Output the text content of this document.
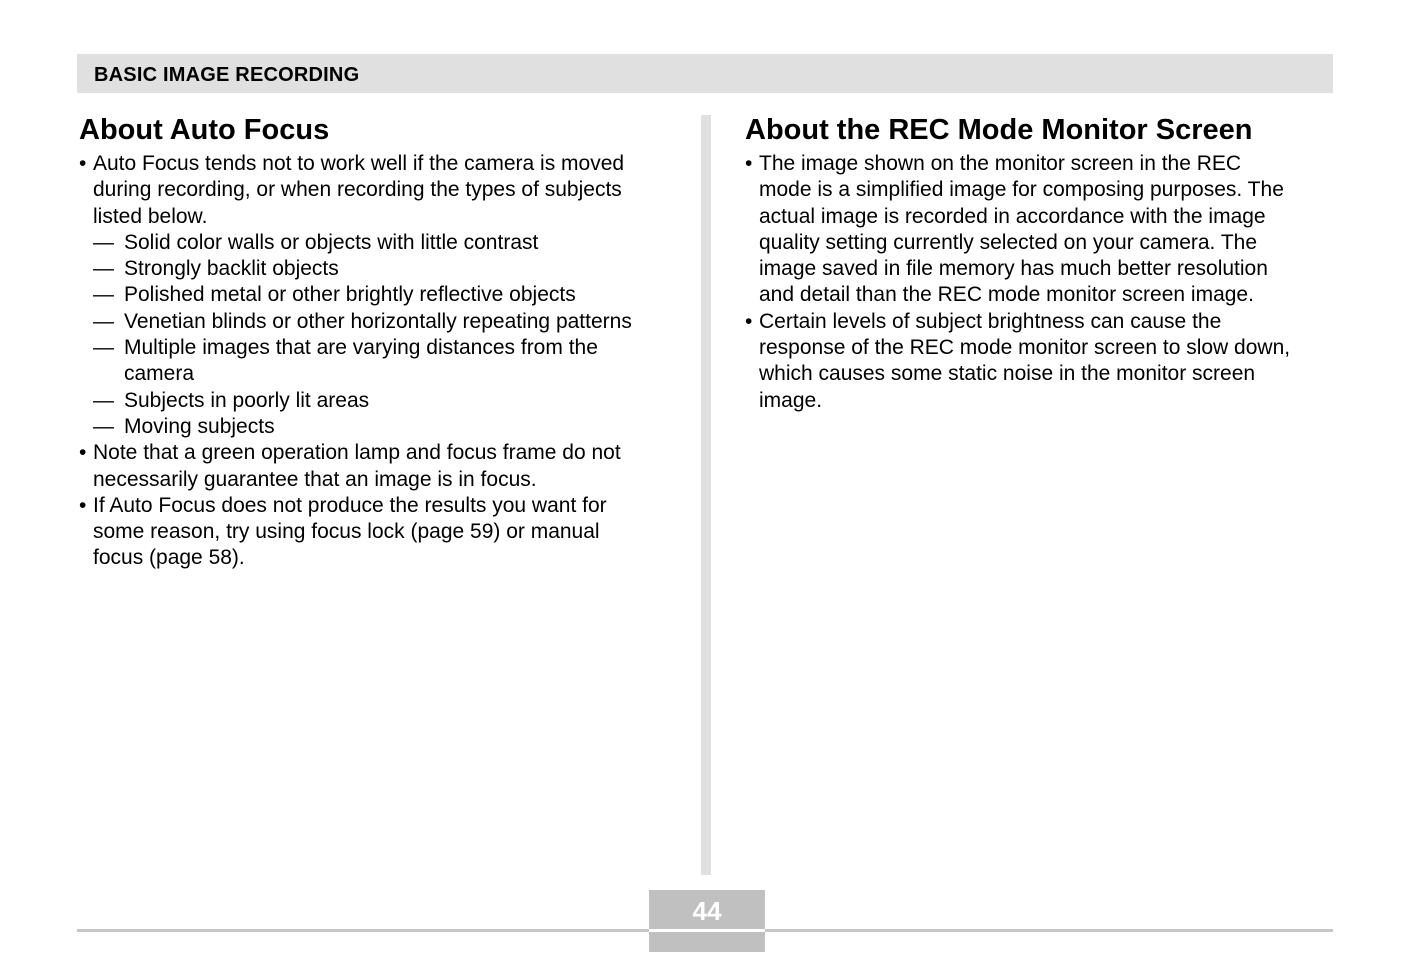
BASIC IMAGE RECORDING
About Auto Focus
• Auto Focus tends not to work well if the camera is moved
during recording, or when recording the types of subjects
listed below.
— Solid color walls or objects with little contrast
— Strongly backlit objects
— Polished metal or other brightly reflective objects
— Venetian blinds or other horizontally repeating patterns
— Multiple images that are varying distances from the
camera
— Subjects in poorly lit areas
— Moving subjects
• Note that a green operation lamp and focus frame do not
necessarily guarantee that an image is in focus.
• If Auto Focus does not produce the results you want for
some reason, try using focus lock (page 59) or manual
focus (page 58).
About the REC Mode Monitor Screen
• The image shown on the monitor screen in the REC
mode is a simplified image for composing purposes. The
actual image is recorded in accordance with the image
quality setting currently selected on your camera. The
image saved in file memory has much better resolution
and detail than the REC mode monitor screen image.
• Certain levels of subject brightness can cause the
response of the REC mode monitor screen to slow down,
which causes some static noise in the monitor screen
image.
44
